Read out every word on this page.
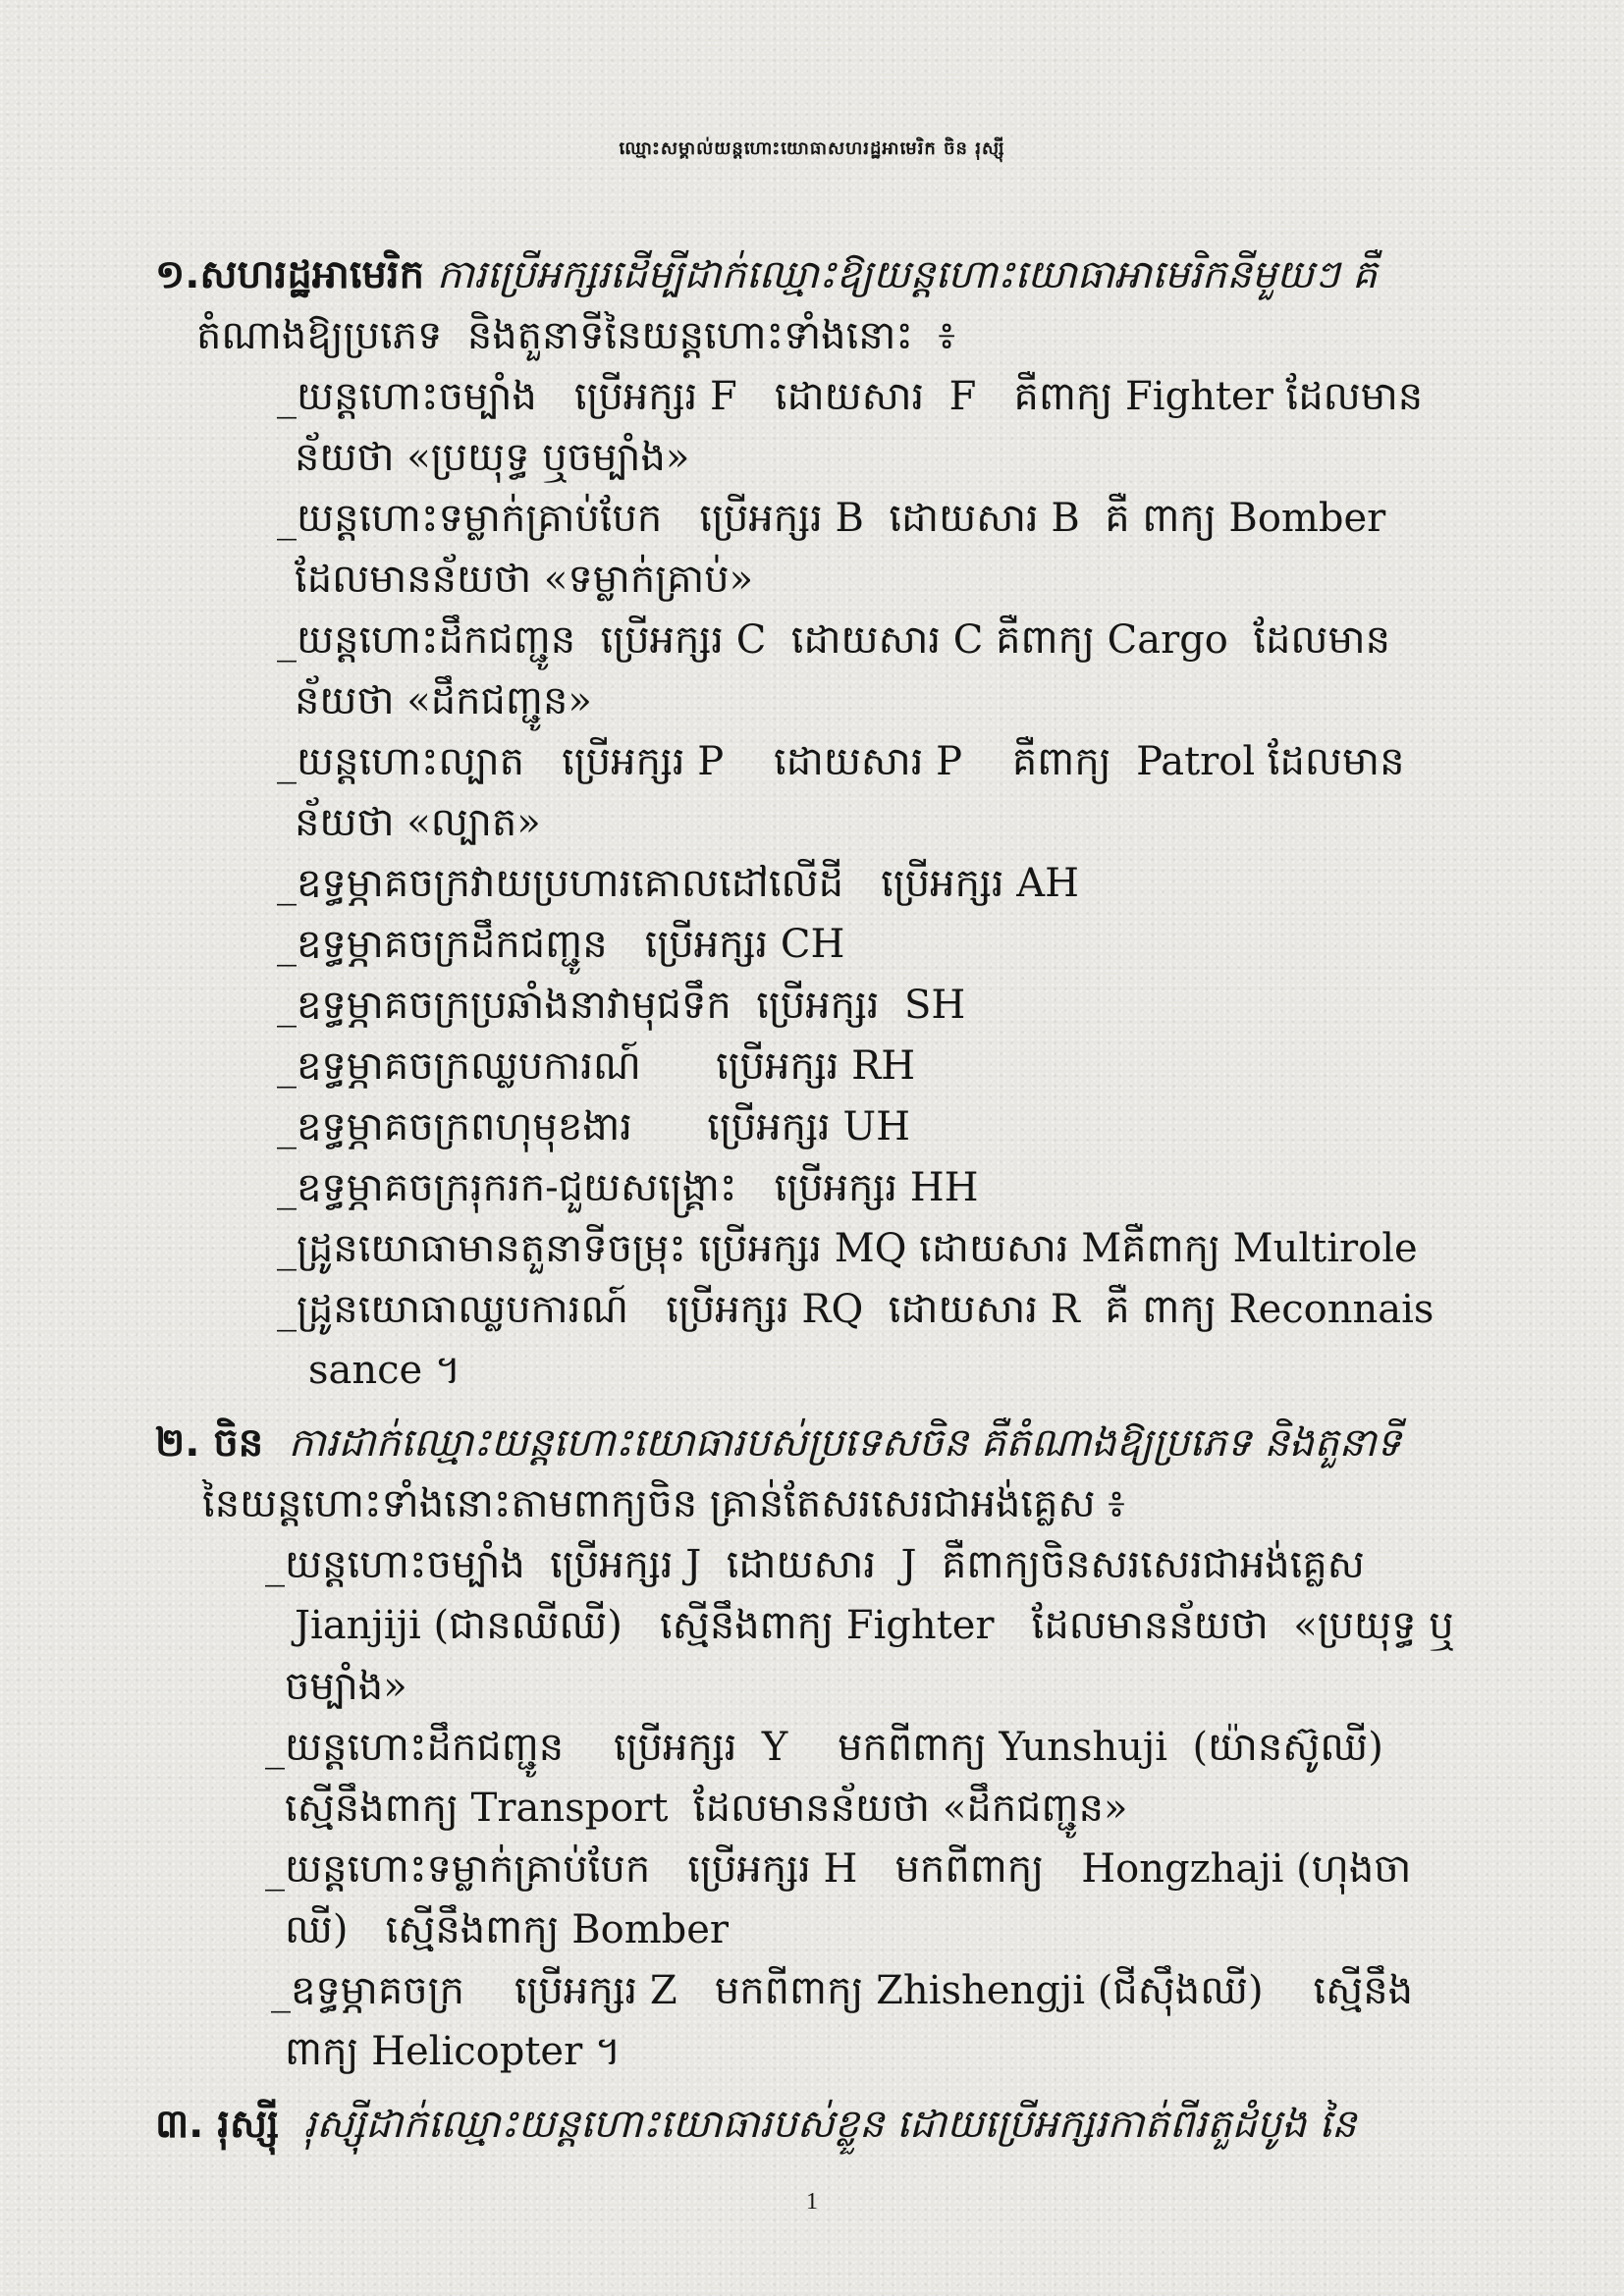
ឈ្មោះសម្គាល់យន្តហោះយោធាសហរដ្ឋអាមេរិក ចិន រុស្ស៊ី
១.សហរដ្ឋអាមេរិក ការប្រើអក្សរដើម្បីដាក់ឈ្មោះឱ្យយន្តហោះយោធាអាមេរិកនីមួយៗ គឺ
តំណាងឱ្យប្រភេទ  និងតួនាទីនៃយន្តហោះទាំងនោះ  ៖
_យន្តហោះចម្បាំង   ប្រើអក្សរ F   ដោយសារ  F   គឺពាក្យ Fighter ដែលមាន
ន័យថា «ប្រយុទ្ធ ឬចម្បាំង»
_យន្តហោះទម្លាក់គ្រាប់បែក   ប្រើអក្សរ B  ដោយសារ B  គឺ ពាក្យ Bomber
ដែលមានន័យថា «ទម្លាក់គ្រាប់»
_យន្តហោះដឹកជញ្ជូន  ប្រើអក្សរ C  ដោយសារ C គឺពាក្យ Cargo  ដែលមាន
ន័យថា «ដឹកជញ្ជូន»
_យន្តហោះល្បាត   ប្រើអក្សរ P    ដោយសារ P    គឺពាក្យ  Patrol ដែលមាន
ន័យថា «ល្បាត»
_ឧទ្ធម្ភាគចក្រវាយប្រហារគោលដៅលើដី   ប្រើអក្សរ AH
_ឧទ្ធម្ភាគចក្រដឹកជញ្ជូន   ប្រើអក្សរ CH
_ឧទ្ធម្ភាគចក្រប្រឆាំងនាវាមុជទឹក  ប្រើអក្សរ  SH
_ឧទ្ធម្ភាគចក្រឈ្លបការណ៍      ប្រើអក្សរ RH
_ឧទ្ធម្ភាគចក្រពហុមុខងារ      ប្រើអក្សរ UH
_ឧទ្ធម្ភាគចក្ររុករក-ជួយសង្គ្រោះ   ប្រើអក្សរ HH
_ដ្រូនយោធាមានតួនាទីចម្រុះ ប្រើអក្សរ MQ ដោយសារ Mគឺពាក្យ Multirole
_ដ្រូនយោធាឈ្លបការណ៍   ប្រើអក្សរ RQ  ដោយសារ R  គឺ ពាក្យ Reconnais
sance ។
២. ចិន  ការដាក់ឈ្មោះយន្តហោះយោធារបស់ប្រទេសចិន គឺតំណាងឱ្យប្រភេទ និងតួនាទី
នៃយន្តហោះទាំងនោះតាមពាក្យចិន គ្រាន់តែសរសេរជាអង់គ្លេស ៖
_យន្តហោះចម្បាំង  ប្រើអក្សរ J  ដោយសារ  J  គឺពាក្យចិនសរសេរជាអង់គ្លេស
Jianjiji (ជានឈីឈី)   ស្មើនឹងពាក្យ Fighter   ដែលមានន័យថា  «ប្រយុទ្ធ ឬ
ចម្បាំង»
_យន្តហោះដឹកជញ្ជូន    ប្រើអក្សរ  Y    មកពីពាក្យ Yunshuji  (យ៉ានស៊ូឈី)
ស្មើនឹងពាក្យ Transport  ដែលមានន័យថា «ដឹកជញ្ជូន»
_យន្តហោះទម្លាក់គ្រាប់បែក   ប្រើអក្សរ H   មកពីពាក្យ   Hongzhaji (ហុងចា
ឈី)   ស្មើនឹងពាក្យ Bomber
_ឧទ្ធម្ភាគចក្រ    ប្រើអក្សរ Z   មកពីពាក្យ Zhishengji (ជីស៊ឹងឈី)    ស្មើនឹង
ពាក្យ Helicopter ។
៣. រុស្ស៊ី  រុស្ស៊ីដាក់ឈ្មោះយន្តហោះយោធារបស់ខ្លួន ដោយប្រើអក្សរកាត់ពីរតួដំបូង នៃ
1
